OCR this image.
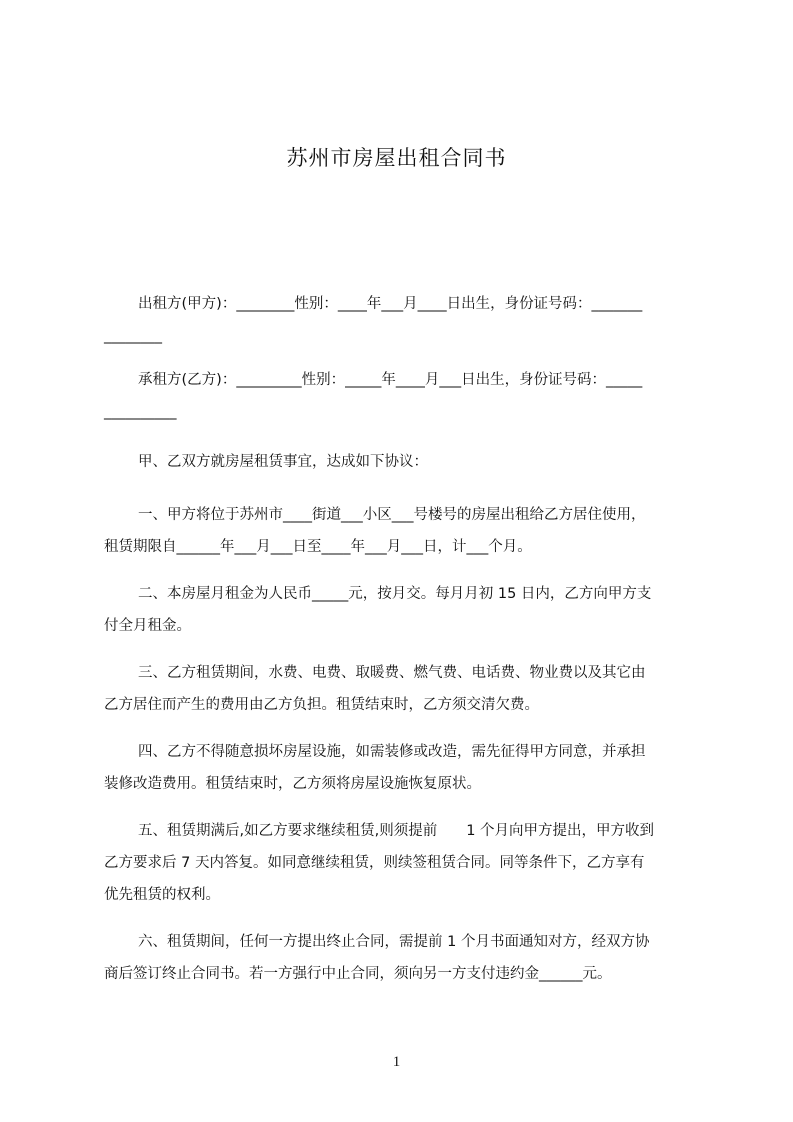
苏州市房屋出租合同书
出租方(甲方)：________性别：____年___月____日出生，身份证号码：_______
________
承租方(乙方)：_________性别：_____年____月___日出生，身份证号码：_____
__________
甲、乙双方就房屋租赁事宜，达成如下协议：
一、甲方将位于苏州市____街道___小区___号楼号的房屋出租给乙方居住使用，
租赁期限自______年___月___日至____年___月___日，计___个月。
二、本房屋月租金为人民币_____元，按月交。每月月初 15 日内，乙方向甲方支
付全月租金。
三、乙方租赁期间，水费、电费、取暖费、燃气费、电话费、物业费以及其它由
乙方居住而产生的费用由乙方负担。租赁结束时，乙方须交清欠费。
四、乙方不得随意损坏房屋设施，如需装修或改造，需先征得甲方同意，并承担
装修改造费用。租赁结束时，乙方须将房屋设施恢复原状。
五、租赁期满后,如乙方要求继续租赁,则须提前　　1 个月向甲方提出，甲方收到
乙方要求后 7 天内答复。如同意继续租赁，则续签租赁合同。同等条件下，乙方享有
优先租赁的权利。
六、租赁期间，任何一方提出终止合同，需提前 1 个月书面通知对方，经双方协
商后签订终止合同书。若一方强行中止合同，须向另一方支付违约金______元。
1
